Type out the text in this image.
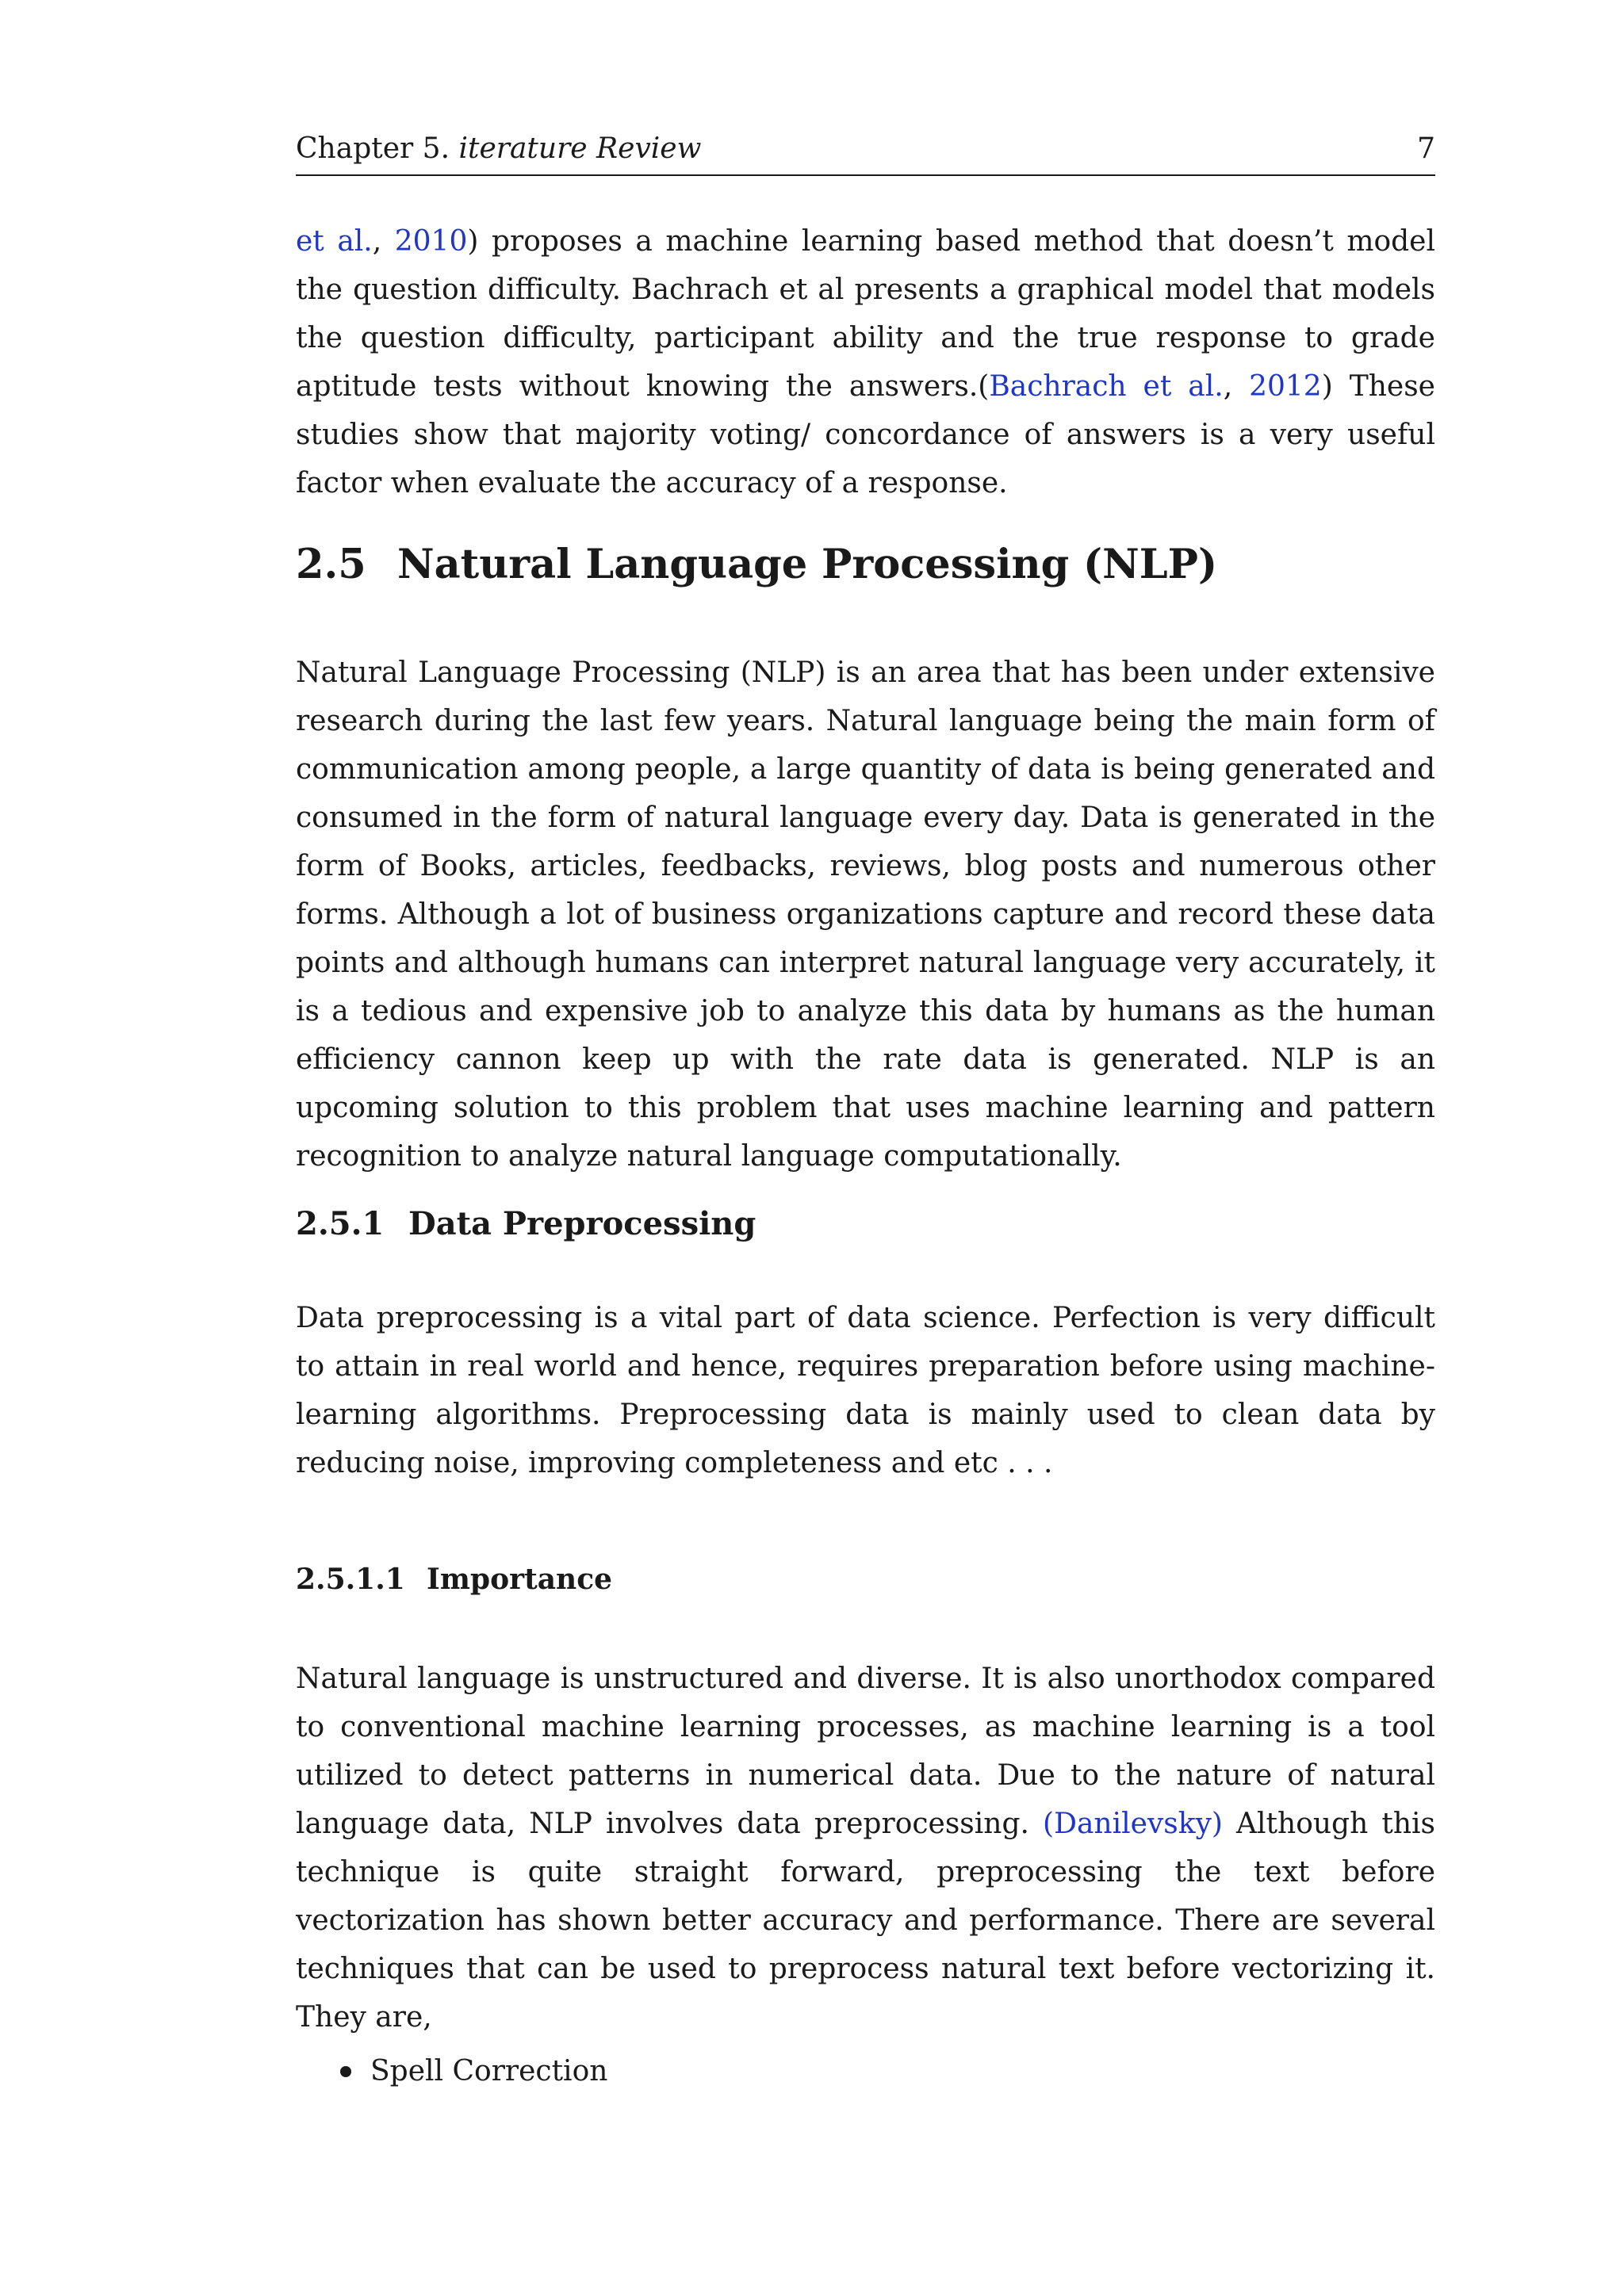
Chapter 5. iterature Review	7

et al., 2010) proposes a machine learning based method that doesn’t model the question difficulty. Bachrach et al presents a graphical model that models the question difficulty, participant ability and the true response to grade aptitude tests without knowing the answers.(Bachrach et al., 2012) These studies show that majority voting/ concordance of answers is a very useful factor when evaluate the accuracy of a response.

2.5 Natural Language Processing (NLP)

Natural Language Processing (NLP) is an area that has been under extensive research during the last few years. Natural language being the main form of communication among people, a large quantity of data is being generated and consumed in the form of natural language every day. Data is generated in the form of Books, articles, feedbacks, reviews, blog posts and numerous other forms. Although a lot of business organizations capture and record these data points and although humans can interpret natural language very accurately, it is a tedious and expensive job to analyze this data by humans as the human efficiency cannon keep up with the rate data is generated. NLP is an upcoming solution to this problem that uses machine learning and pattern recognition to analyze natural language computationally.

2.5.1 Data Preprocessing

Data preprocessing is a vital part of data science. Perfection is very difficult to attain in real world and hence, requires preparation before using machine-learning algorithms. Preprocessing data is mainly used to clean data by reducing noise, improving completeness and etc . . .

2.5.1.1 Importance

Natural language is unstructured and diverse. It is also unorthodox compared to conventional machine learning processes, as machine learning is a tool utilized to detect patterns in numerical data. Due to the nature of natural language data, NLP involves data preprocessing. (Danilevsky) Although this technique is quite straight forward, preprocessing the text before vectorization has shown better accuracy and performance. There are several techniques that can be used to preprocess natural text before vectorizing it. They are,

Spell Correction
